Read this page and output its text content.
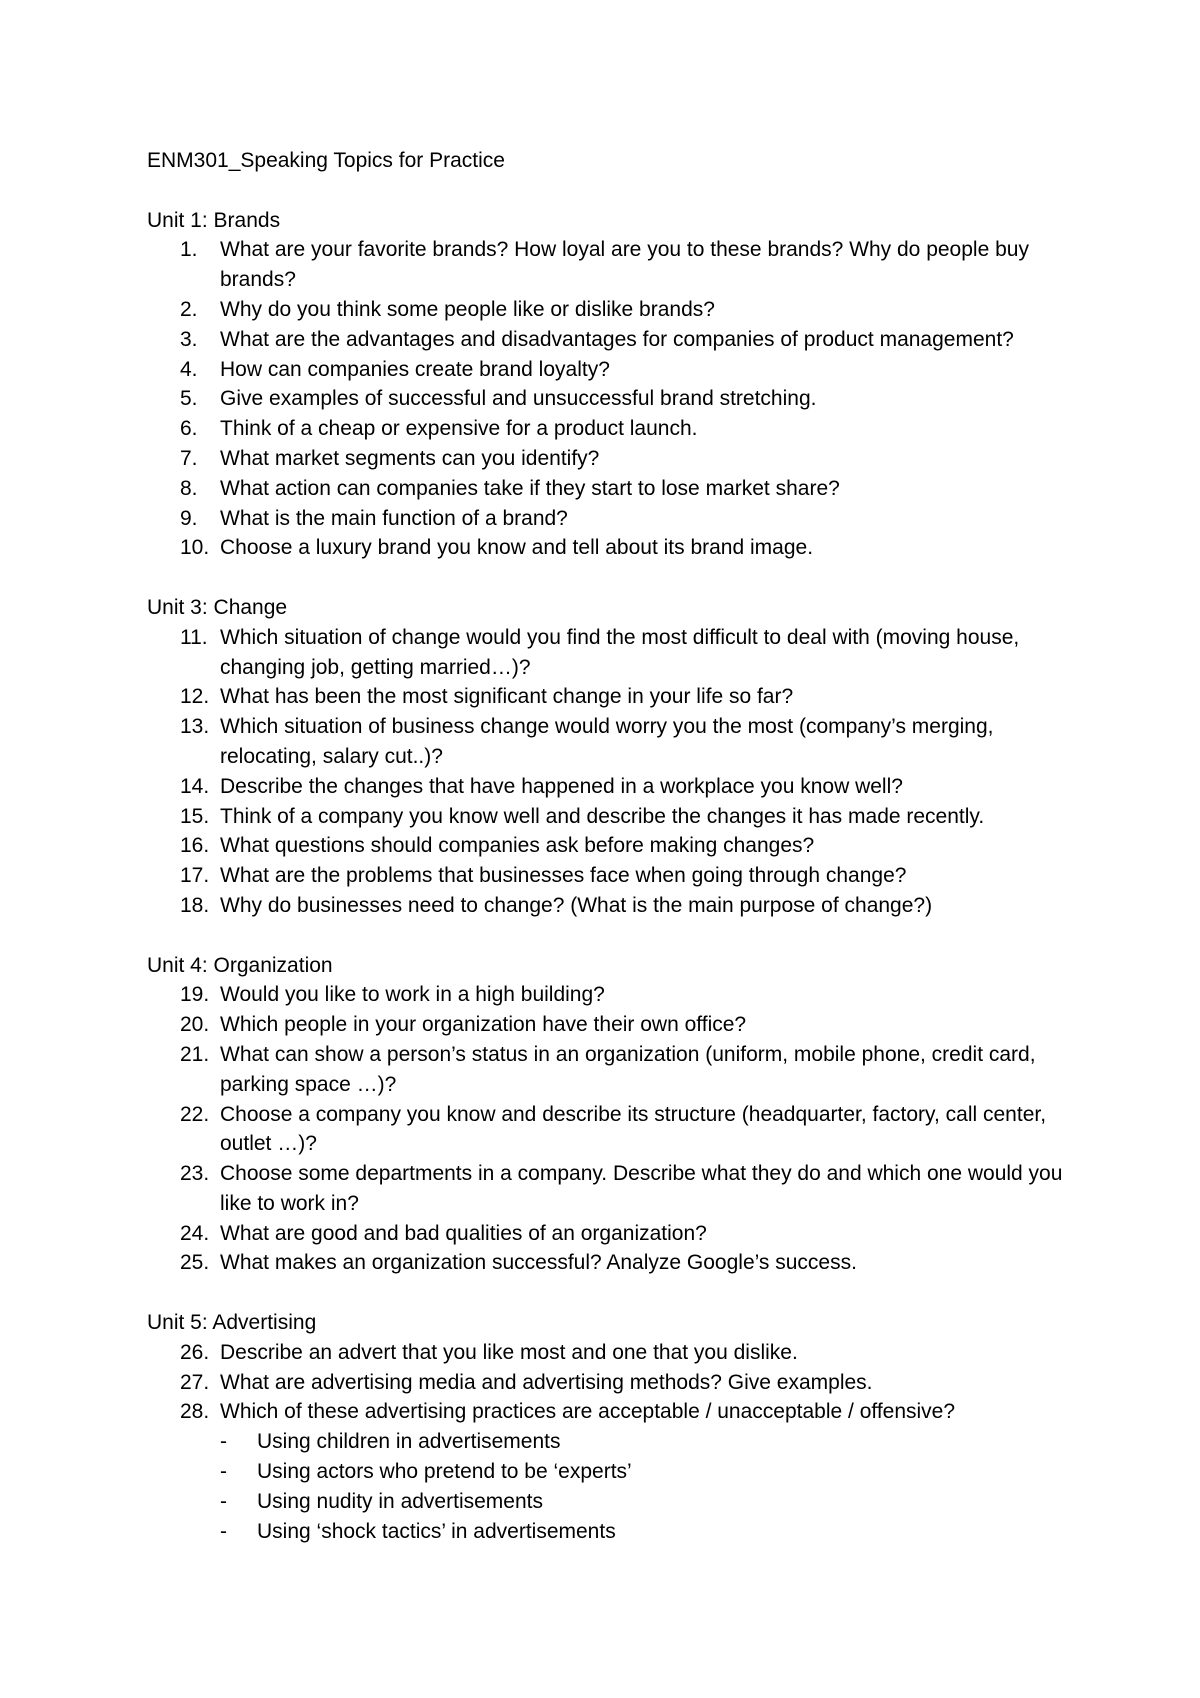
ENM301_Speaking Topics for Practice
Unit 1: Brands
1.	What are your favorite brands? How loyal are you to these brands? Why do people buy brands?
2.	Why do you think some people like or dislike brands?
3.	What are the advantages and disadvantages for companies of product management?
4.	How can companies create brand loyalty?
5.	Give examples of successful and unsuccessful brand stretching.
6.	Think of a cheap or expensive for a product launch.
7.	What market segments can you identify?
8.	What action can companies take if they start to lose market share?
9.	What is the main function of a brand?
10. Choose a luxury brand you know and tell about its brand image.
Unit 3: Change
11. Which situation of change would you find the most difficult to deal with (moving house, changing job, getting married…)?
12. What has been the most significant change in your life so far?
13. Which situation of business change would worry you the most (company’s merging, relocating, salary cut..)?
14. Describe the changes that have happened in a workplace you know well?
15. Think of a company you know well and describe the changes it has made recently.
16. What questions should companies ask before making changes?
17. What are the problems that businesses face when going through change?
18. Why do businesses need to change? (What is the main purpose of change?)
Unit 4: Organization
19. Would you like to work in a high building?
20. Which people in your organization have their own office?
21. What can show a person’s status in an organization (uniform, mobile phone, credit card, parking space …)?
22. Choose a company you know and describe its structure (headquarter, factory, call center, outlet …)?
23. Choose some departments in a company. Describe what they do and which one would you like to work in?
24. What are good and bad qualities of an organization?
25. What makes an organization successful? Analyze Google’s success.
Unit 5: Advertising
26. Describe an advert that you like most and one that you dislike.
27. What are advertising media and advertising methods? Give examples.
28. Which of these advertising practices are acceptable / unacceptable / offensive?
- Using children in advertisements
- Using actors who pretend to be ‘experts’
- Using nudity in advertisements
- Using ‘shock tactics’ in advertisements
